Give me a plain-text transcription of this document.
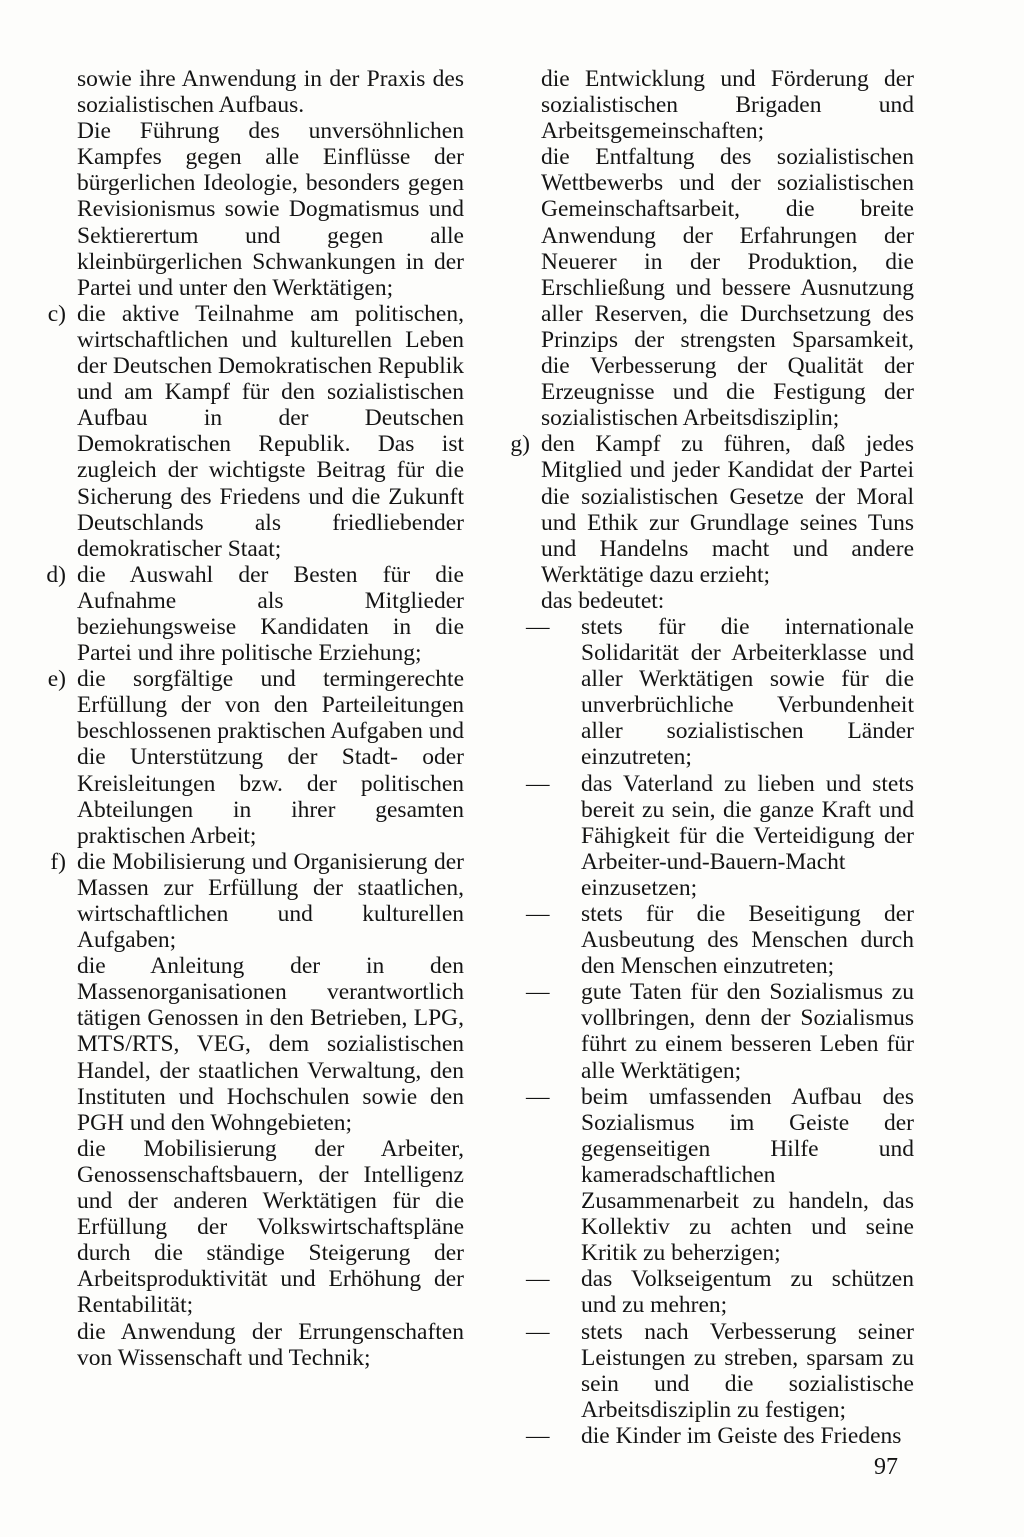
sowie ihre Anwendung in der Praxis des sozialistischen Aufbaus.

Die Führung des unversöhnlichen Kampfes gegen alle Einflüsse der bürgerlichen Ideologie, besonders gegen Revisionismus sowie Dogmatismus und Sektierertum und gegen alle kleinbürgerlichen Schwankungen in der Partei und unter den Werktätigen;

c) die aktive Teilnahme am politischen, wirtschaftlichen und kulturellen Leben der Deutschen Demokratischen Republik und am Kampf für den sozialistischen Aufbau in der Deutschen Demokratischen Republik. Das ist zugleich der wichtigste Beitrag für die Sicherung des Friedens und die Zukunft Deutschlands als friedliebender demokratischer Staat;

d) die Auswahl der Besten für die Aufnahme als Mitglieder beziehungsweise Kandidaten in die Partei und ihre politische Erziehung;

e) die sorgfältige und termingerechte Erfüllung der von den Parteileitungen beschlossenen praktischen Aufgaben und die Unterstützung der Stadt- oder Kreisleitungen bzw. der politischen Abteilungen in ihrer gesamten praktischen Arbeit;

f) die Mobilisierung und Organisierung der Massen zur Erfüllung der staatlichen, wirtschaftlichen und kulturellen Aufgaben;

die Anleitung der in den Massenorganisationen verantwortlich tätigen Genossen in den Betrieben, LPG, MTS/RTS, VEG, dem sozialistischen Handel, der staatlichen Verwaltung, den Instituten und Hochschulen sowie den PGH und den Wohngebieten;

die Mobilisierung der Arbeiter, Genossenschaftsbauern, der Intelligenz und der anderen Werktätigen für die Erfüllung der Volkswirtschaftspläne durch die ständige Steigerung der Arbeitsproduktivität und Erhöhung der Rentabilität;

die Anwendung der Errungenschaften von Wissenschaft und Technik;

die Entwicklung und Förderung der sozialistischen Brigaden und Arbeitsgemeinschaften;

die Entfaltung des sozialistischen Wettbewerbs und der sozialistischen Gemeinschaftsarbeit, die breite Anwendung der Erfahrungen der Neuerer in der Produktion, die Erschließung und bessere Ausnutzung aller Reserven, die Durchsetzung des Prinzips der strengsten Sparsamkeit, die Verbesserung der Qualität der Erzeugnisse und die Festigung der sozialistischen Arbeitsdisziplin;

g) den Kampf zu führen, daß jedes Mitglied und jeder Kandidat der Partei die sozialistischen Gesetze der Moral und Ethik zur Grundlage seines Tuns und Handelns macht und andere Werktätige dazu erzieht;

das bedeutet:

—	stets für die internationale Solidarität der Arbeiterklasse und aller Werktätigen sowie für die unverbrüchliche Verbundenheit aller sozialistischen Länder einzutreten;

—	das Vaterland zu lieben und stets bereit zu sein, die ganze Kraft und Fähigkeit für die Verteidigung der Arbeiter-und-Bauern-Macht einzusetzen;

—	stets für die Beseitigung der Ausbeutung des Menschen durch den Menschen einzutreten;

—	gute Taten für den Sozialismus zu vollbringen, denn der Sozialismus führt zu einem besseren Leben für alle Werktätigen;

—	beim umfassenden Aufbau des Sozialismus im Geiste der gegenseitigen Hilfe und kameradschaftlichen Zusammenarbeit zu handeln, das Kollektiv zu achten und seine Kritik zu beherzigen;

—	das Volkseigentum zu schützen und zu mehren;

—	stets nach Verbesserung seiner Leistungen zu streben, sparsam zu sein und die sozialistische Arbeitsdisziplin zu festigen;

—	die Kinder im Geiste des Friedens

97
